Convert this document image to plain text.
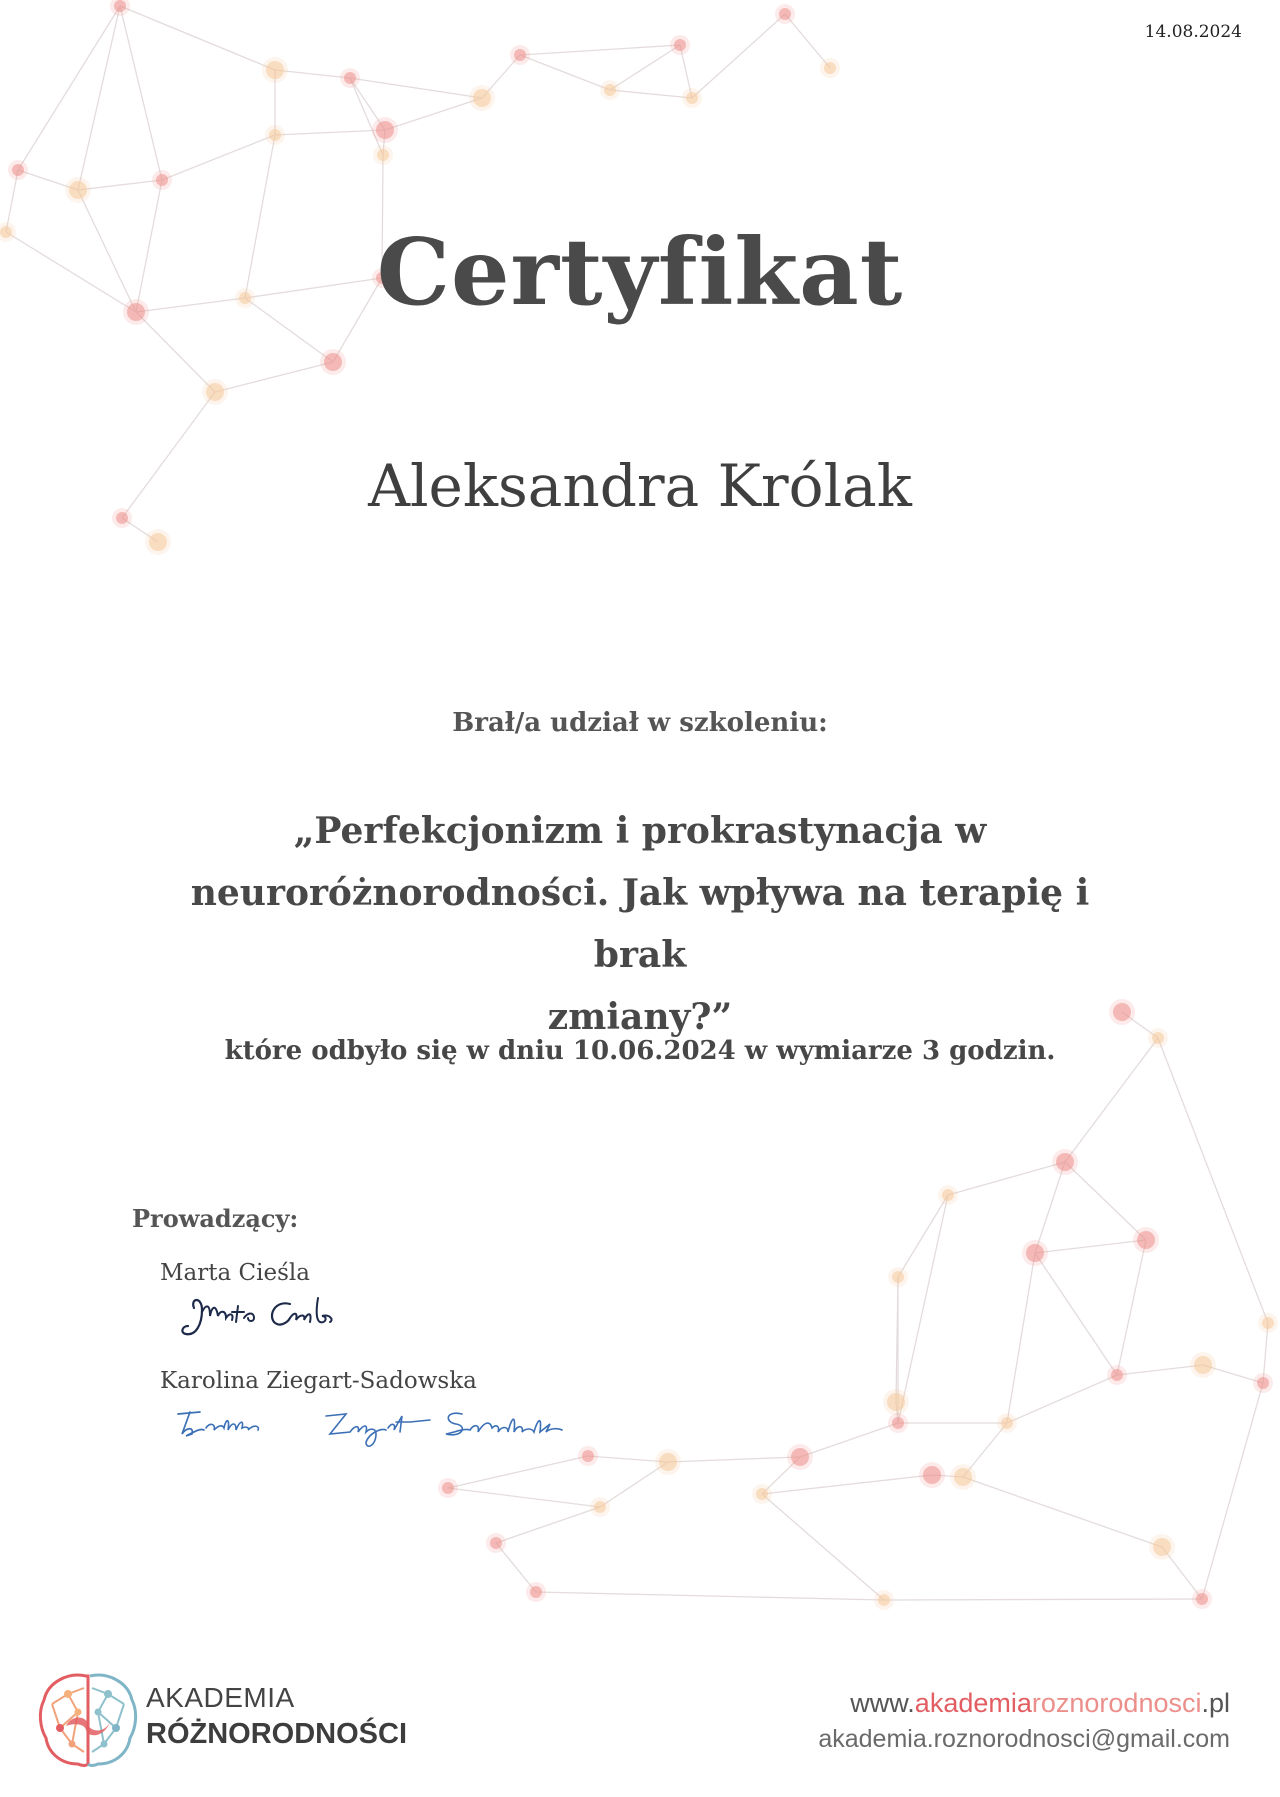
14.08.2024
Certyfikat
Aleksandra Królak
Brał/a udział w szkoleniu:
„Perfekcjonizm i prokrastynacja w
neuroróżnorodności. Jak wpływa na terapię i brak
zmiany?”
które odbyło się w dniu 10.06.2024 w wymiarze 3 godzin.
Prowadzący:
Marta Cieśla
Karolina Ziegart-Sadowska
AKADEMIA
RÓŻNORODNOŚCI
www.akademiaroznorodnosci.pl
akademia.roznorodnosci@gmail.com
